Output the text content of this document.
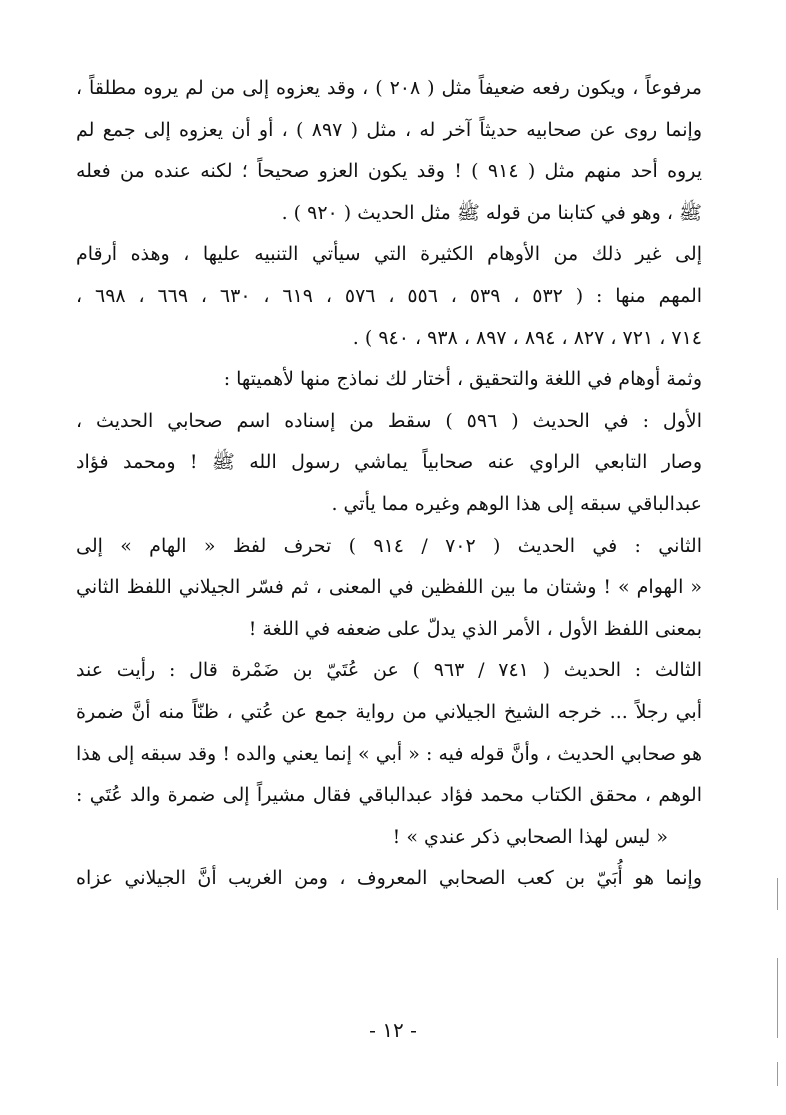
مرفوعاً ، ويكون رفعه ضعيفاً مثل ( ٢٠٨ ) ، وقد يعزوه إلى من لم يروه مطلقاً ،
وإنما روى عن صحابيه حديثاً آخر له ، مثل ( ٨٩٧ ) ، أو أن يعزوه إلى جمع لم
يروه أحد منهم مثل ( ٩١٤ ) ! وقد يكون العزو صحيحاً ؛ لكنه عنده من فعله
ﷺ ، وهو في كتابنا من قوله ﷺ مثل الحديث ( ٩٢٠ ) .
إلى غير ذلك من الأوهام الكثيرة التي سيأتي التنبيه عليها ، وهذه أرقام
المهم منها : ( ٥٣٢ ، ٥٣٩ ، ٥٥٦ ، ٥٧٦ ، ٦١٩ ، ٦٣٠ ، ٦٦٩ ، ٦٩٨ ،
٧١٤ ، ٧٢١ ، ٨٢٧ ، ٨٩٤ ، ٨٩٧ ، ٩٣٨ ، ٩٤٠ ) .
وثمة أوهام في اللغة والتحقيق ، أختار لك نماذج منها لأهميتها :
الأول : في الحديث ( ٥٩٦ ) سقط من إسناده اسم صحابي الحديث ،
وصار التابعي الراوي عنه صحابياً يماشي رسول الله ﷺ ! ومحمد فؤاد
عبدالباقي سبقه إلى هذا الوهم وغيره مما يأتي .
الثاني : في الحديث ( ٧٠٢ / ٩١٤ ) تحرف لفظ « الهام » إلى
« الهوام » ! وشتان ما بين اللفظين في المعنى ، ثم فسّر الجيلاني اللفظ الثاني
بمعنى اللفظ الأول ، الأمر الذي يدلّ على ضعفه في اللغة !
الثالث : الحديث ( ٧٤١ / ٩٦٣ ) عن عُتَيّ بن ضَمْرة قال : رأيت عند
أبي رجلاً ... خرجه الشيخ الجيلاني من رواية جمع عن عُتي ، ظنّاً منه أنَّ ضمرة
هو صحابي الحديث ، وأنَّ قوله فيه : « أبي » إنما يعني والده ! وقد سبقه إلى هذا
الوهم ، محقق الكتاب محمد فؤاد عبدالباقي فقال مشيراً إلى ضمرة والد عُتَي :
« ليس لهذا الصحابي ذكر عندي » !
وإنما هو أُبَيّ بن كعب الصحابي المعروف ، ومن الغريب أنَّ الجيلاني عزاه
- ١٢ -
